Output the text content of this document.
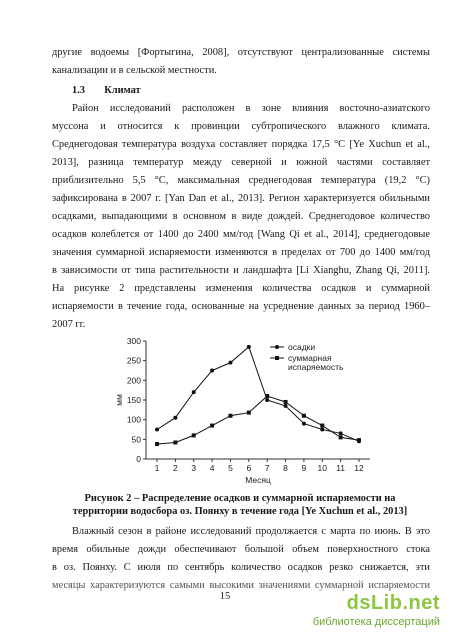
другие водоемы [Фортыгина, 2008], отсутствуют централизованные системы
канализации и в сельской местности.
1.3 Климат
Район исследований расположен в зоне влияния восточно-азиатского
муссона и относится к провинции субтропического влажного климата.
Среднегодовая температура воздуха составляет порядка 17,5 °C [Ye Xuchun et al.,
2013], разница температур между северной и южной частями составляет
приблизительно 5,5 °C, максимальная среднегодовая температура (19,2 °C)
зафиксирована в 2007 г. [Yan Dan et al., 2013]. Регион характеризуется обильными
осадками, выпадающими в основном в виде дождей. Среднегодовое количество
осадков колеблется от 1400 до 2400 мм/год [Wang Qi et al., 2014], среднегодовые
значения суммарной испаряемости изменяются в пределах от 700 до 1400 мм/год
в зависимости от типа растительности и ландшафта [Li Xianghu, Zhang Qi, 2011].
На рисунке 2 представлены изменения количества осадков и суммарной
испаряемости в течение года, основанные на усреднение данных за период 1960–
2007 гг.
0
50
100
150
200
250
300
1 2 3 4 5 6 7 8 9 10 11 12
Месяц
мм
осадки
суммарная
испаряемость
Рисунок 2 – Распределение осадков и суммарной испаряемости на
территории водосбора оз. Поянху в течение года [Ye Xuchun et al., 2013]
Влажный сезон в районе исследований продолжается с марта по июнь. В это
время обильные дожди обеспечивают большой объем поверхностного стока
в оз. Поянху. С июля по сентябрь количество осадков резко снижается, эти
месяцы характеризуются самыми высокими значениями суммарной испаряемости
15	dsLib.net
библиотека диссертаций
